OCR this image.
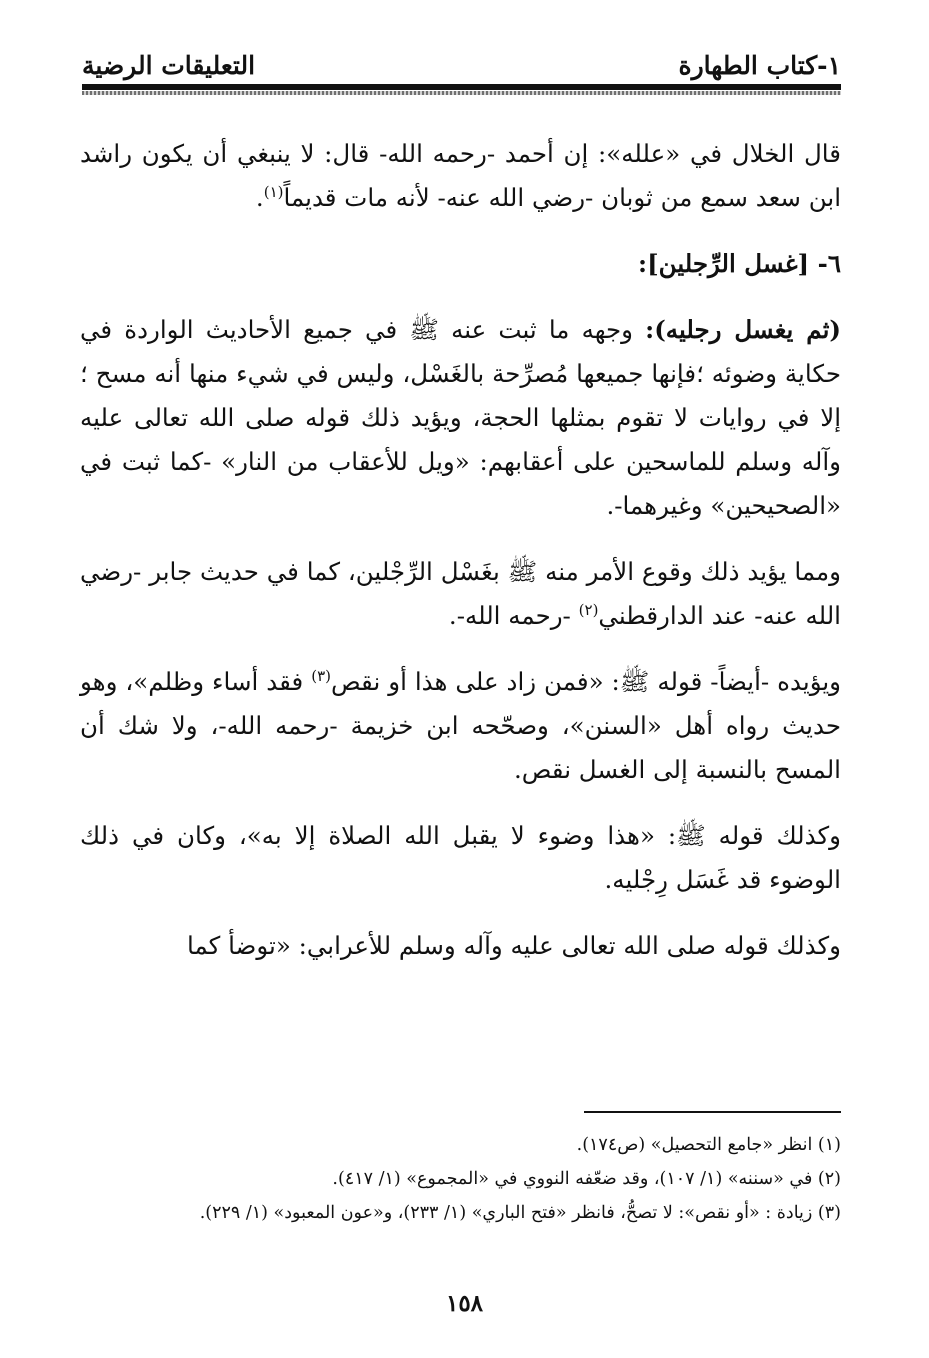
١-كتاب الطهارة
التعليقات الرضية

قال الخلال في «علله»: إن أحمد -رحمه الله- قال: لا ينبغي أن يكون راشد ابن سعد سمع من ثوبان -رضي الله عنه- لأنه مات قديماً$^{(١)}$.

٦- [غسل الرِّجلين]:

(ثم يغسل رجليه): وجهه ما ثبت عنه ﷺ في جميع الأحاديث الواردة في حكاية وضوئه ؛فإنها جميعها مُصرِّحة بالغَسْل، وليس في شيء منها أنه مسح ؛إلا في روايات لا تقوم بمثلها الحجة، ويؤيد ذلك قوله صلى الله تعالى عليه وآله وسلم للماسحين على أعقابهم: «ويل للأعقاب من النار» -كما ثبت في «الصحيحين» وغيرهما-.

ومما يؤيد ذلك وقوع الأمر منه ﷺ بغَسْل الرِّجْلين، كما في حديث جابر -رضي الله عنه- عند الدارقطني$^{(٢)}$ -رحمه الله-.

ويؤيده -أيضاً- قوله ﷺ: «فمن زاد على هذا أو نقص$^{(٣)}$ فقد أساء وظلم»، وهو حديث رواه أهل «السنن»، وصحّحه ابن خزيمة -رحمه الله-، ولا شك أن المسح بالنسبة إلى الغسل نقص.

وكذلك قوله ﷺ: «هذا وضوء لا يقبل الله الصلاة إلا به»، وكان في ذلك الوضوء قد غَسَل رِجْليه.

وكذلك قوله صلى الله تعالى عليه وآله وسلم للأعرابي: «توضأ كما

(١) انظر «جامع التحصيل» (ص١٧٤).
(٢) في «سننه» (١/ ١٠٧)، وقد ضعّفه النووي في «المجموع» (١/ ٤١٧).
(٣) زيادة : «أو نقص»: لا تصحُّ، فانظر «فتح الباري» (١/ ٢٣٣)، و«عون المعبود» (١/ ٢٢٩).
١٥٨
